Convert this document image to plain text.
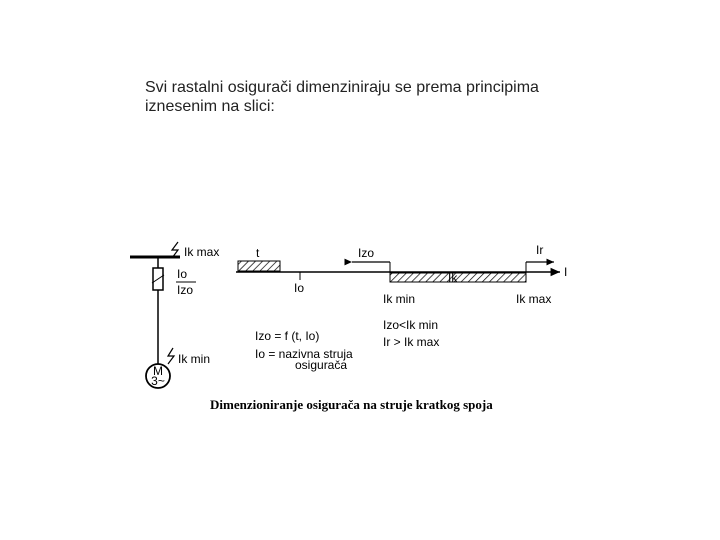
Svi rastalni osigurači dimenziniraju se prema principima
iznesenim na slici:
M
3~
Ik max
Io
Izo
Ik min
I
t
Io
Izo
Ik
Ir
Ik min	Ik max
Izo = f (t, Io)
Io = nazivna struja
osigurača
Izo<Ik min
Ir > Ik max
Dimenzioniranje osigurača na struje kratkog spoja
